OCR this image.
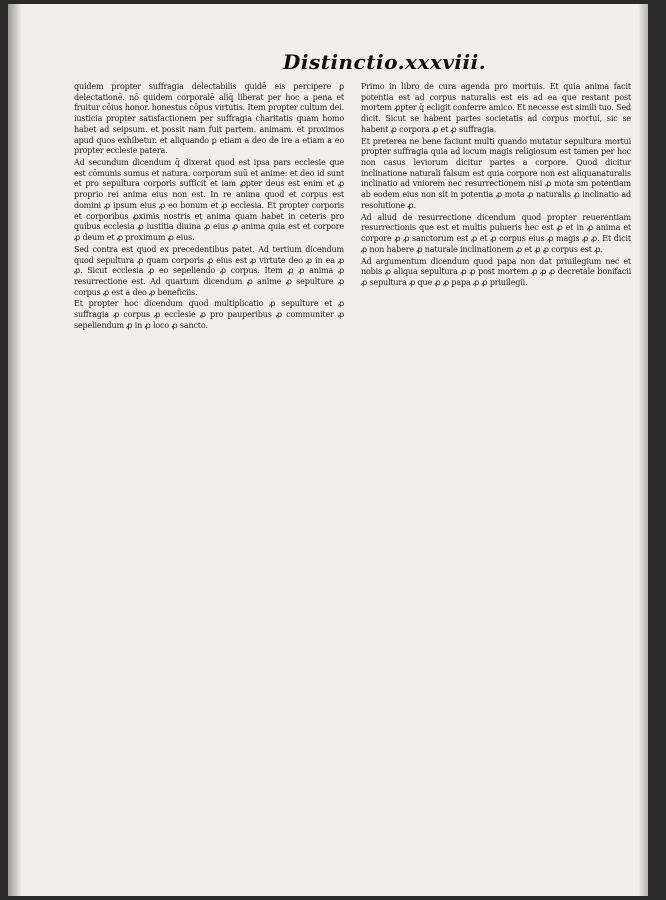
Distinctio.xxxviii.

quidem propter suffragia delectabilis quidē eis percipere ꝑ delectationē. nō quidem corporalē aliq̄ liberat per hoc a pena et fruitur cōius honor. honestus cōpus virtutis. Item propter cultum dei. iusticia propter satisfactionem per suffragia charitatis quam homo habet ad seipsum. et possit nam fuit partem. animam. et proximos apud quos exhibetur. et aliquando ꝑ etiam a deo de ire a etiam a eo propter ecclesie patera.

Ad secundum dicendum q̄ dixerat quod est ipsa pars ecclesie que est cōmunis sumus et natura. corporum suū et anime: et deo id sunt et pro sepultura corporis sufficit et iam ꝓpter deus est enim et ꝓ proprio rei anima eius non est. In re anima quod et corpus est domini ꝓ ipsum eius ꝓ eo bonum et ꝓ ecclesia. Et propter corporis et corporibus ꝓximis nostris et anima quam habet in ceteris pro quibus ecclesia ꝓ iustitia diuina ꝓ eius ꝓ anima quia est et corpore ꝓ deum et ꝓ proximum ꝓ eius.

Sed contra est quod ex precedentibus patet. Ad tertium dicendum quod sepultura ꝓ quam corporis ꝓ eius est ꝓ virtute deo ꝓ in ea ꝓ ꝓ. Sicut ecclesia ꝓ eo sepeliendo ꝓ corpus. Item ꝓ ꝓ anima ꝓ resurrectione est. Ad quartum dicendum ꝓ anime ꝓ sepulture ꝓ corpus ꝓ est a deo ꝓ beneficiis.

Et propter hoc dicendum quod multiplicatio ꝓ sepulture et ꝓ suffragia ꝓ corpus ꝓ ecclesie ꝓ pro pauperibus ꝓ communiter ꝓ sepeliendum ꝓ in ꝓ loco ꝓ sancto.

Primo in libro de cura agenda pro mortuis. Et quia anima facit potentia est ad corpus naturalis est eis ad ea que restant post mortem ꝓpter q̄ ecligit conferre amico. Et necesse est simili tuo. Sed dicit. Sicut se habent partes societatis ad corpus mortui, sic se habent ꝓ corpora ꝓ et ꝓ suffragia.

Et preterea ne bene faciunt multi quando mutatur sepultura mortui propter suffragia quia ad locum magis religiosum est tamen per hoc non casus leviorum dicitur partes a corpore. Quod dicitur inclinatione naturali falsum est quia corpore non est aliquanaturalis inclinatio ad vniorem nec resurrectionem nisi ꝓ mota sm potentiam ab eodem eius non sit in potentia ꝓ mota ꝓ naturalis ꝓ inclinatio ad resolutione ꝓ.

Ad aliud de resurrectione dicendum quod propter reuerentiam resurrectionis que est et multis pulueris hec est ꝓ et in ꝓ anima et corpore ꝓ ꝓ sanctorum est ꝓ et ꝓ corpus eius ꝓ magis ꝓ ꝓ. Et dicit ꝓ non habere ꝓ naturale inclinationem ꝓ et ꝓ ꝓ corpus est ꝓ.

Ad argumentum dicendum quod papa non dat priuilegium nec et nobis ꝓ aliqua sepultura ꝓ ꝓ post mortem ꝓ ꝓ ꝓ decretale bonifacii ꝓ sepultura ꝓ que ꝓ ꝓ papa ꝓ ꝓ priuilegii.
